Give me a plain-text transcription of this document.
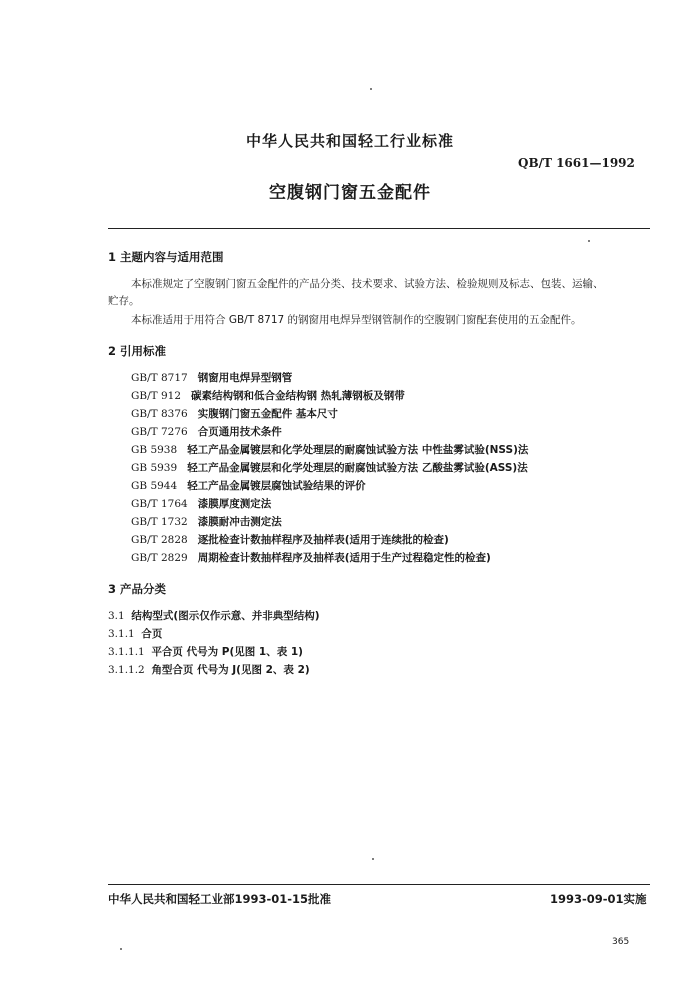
中华人民共和国轻工行业标准
QB/T 1661—1992
空腹钢门窗五金配件
1 主题内容与适用范围
本标准规定了空腹钢门窗五金配件的产品分类、技术要求、试验方法、检验规则及标志、包装、运输、
贮存。
本标准适用于用符合 GB/T 8717 的钢窗用电焊异型钢管制作的空腹钢门窗配套使用的五金配件。
2 引用标准
GB/T 8717 钢窗用电焊异型钢管
GB/T 912 碳素结构钢和低合金结构钢 热轧薄钢板及钢带
GB/T 8376 实腹钢门窗五金配件 基本尺寸
GB/T 7276 合页通用技术条件
GB 5938 轻工产品金属镀层和化学处理层的耐腐蚀试验方法 中性盐雾试验(NSS)法
GB 5939 轻工产品金属镀层和化学处理层的耐腐蚀试验方法 乙酸盐雾试验(ASS)法
GB 5944 轻工产品金属镀层腐蚀试验结果的评价
GB/T 1764 漆膜厚度测定法
GB/T 1732 漆膜耐冲击测定法
GB/T 2828 逐批检查计数抽样程序及抽样表(适用于连续批的检查)
GB/T 2829 周期检查计数抽样程序及抽样表(适用于生产过程稳定性的检查)
3 产品分类
3.1 结构型式(图示仅作示意、并非典型结构)
3.1.1 合页
3.1.1.1 平合页 代号为 P(见图 1、表 1)
3.1.1.2 角型合页 代号为 J(见图 2、表 2)
中华人民共和国轻工业部1993-01-15批准	1993-09-01实施
365
